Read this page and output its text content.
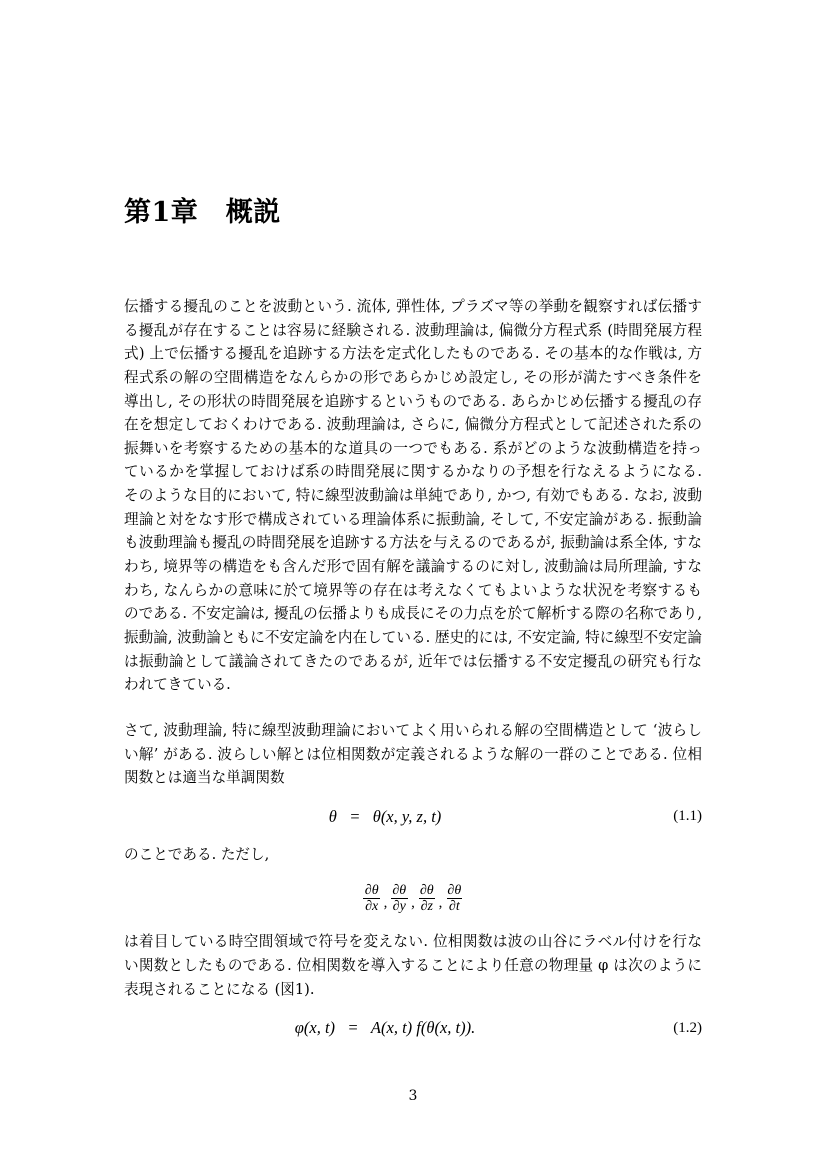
第1章　概説

伝播する擾乱のことを波動という. 流体, 弾性体, プラズマ等の挙動を観察すれば伝播する擾乱が存在することは容易に経験される. 波動理論は, 偏微分方程式系 (時間発展方程式) 上で伝播する擾乱を追跡する方法を定式化したものである. その基本的な作戦は, 方程式系の解の空間構造をなんらかの形であらかじめ設定し, その形が満たすべき条件を導出し, その形状の時間発展を追跡するというものである. あらかじめ伝播する擾乱の存在を想定しておくわけである. 波動理論は, さらに, 偏微分方程式として記述された系の振舞いを考察するための基本的な道具の一つでもある. 系がどのような波動構造を持っているかを掌握しておけば系の時間発展に関するかなりの予想を行なえるようになる. そのような目的において, 特に線型波動論は単純であり, かつ, 有効でもある. なお, 波動理論と対をなす形で構成されている理論体系に振動論, そして, 不安定論がある. 振動論も波動理論も擾乱の時間発展を追跡する方法を与えるのであるが, 振動論は系全体, すなわち, 境界等の構造をも含んだ形で固有解を議論するのに対し, 波動論は局所理論, すなわち, なんらかの意味に於て境界等の存在は考えなくてもよいような状況を考察するものである. 不安定論は, 擾乱の伝播よりも成長にその力点を於て解析する際の名称であり, 振動論, 波動論ともに不安定論を内在している. 歴史的には, 不安定論, 特に線型不安定論は振動論として議論されてきたのであるが, 近年では伝播する不安定擾乱の研究も行なわれてきている.

さて, 波動理論, 特に線型波動理論においてよく用いられる解の空間構造として ‘波らしい解’ がある. 波らしい解とは位相関数が定義されるような解の一群のことである. 位相関数とは適当な単調関数

θ   =   θ(x, y, z, t)	(1.1)

のことである. ただし,

$\frac{\partial\theta}{\partial x}$ , $\frac{\partial\theta}{\partial y}$ , $\frac{\partial\theta}{\partial z}$ , $\frac{\partial\theta}{\partial t}$

は着目している時空間領域で符号を変えない. 位相関数は波の山谷にラベル付けを行ない関数としたものである. 位相関数を導入することにより任意の物理量 φ は次のように表現されることになる (図1).

φ(x, t)   =   A(x, t) f(θ(x, t)).	(1.2)
3
